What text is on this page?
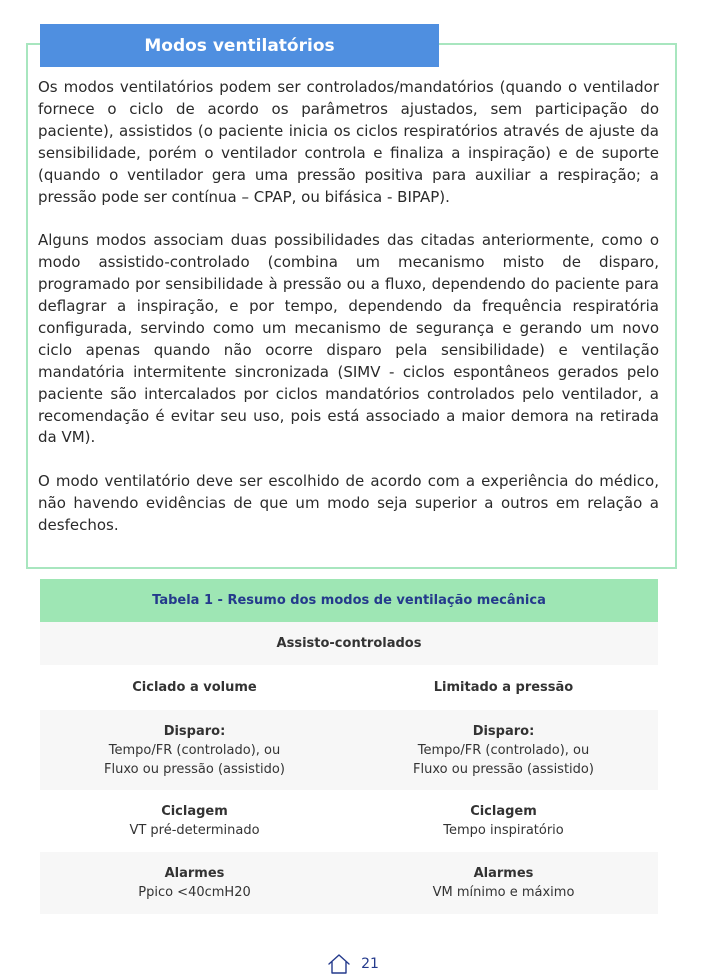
Modos ventilatórios

Os modos ventilatórios podem ser controlados/mandatórios (quando o ventilador fornece o ciclo de acordo os parâmetros ajustados, sem participação do paciente), assistidos (o paciente inicia os ciclos respiratórios através de ajuste da sensibilidade, porém o ventilador controla e finaliza a inspiração) e de suporte (quando o ventilador gera uma pressão positiva para auxiliar a respiração; a pressão pode ser contínua – CPAP, ou bifásica - BIPAP).

Alguns modos associam duas possibilidades das citadas anteriormente, como o modo assistido-controlado (combina um mecanismo misto de disparo, programado por sensibilidade à pressão ou a fluxo, dependendo do paciente para deflagrar a inspiração, e por tempo, dependendo da frequência respiratória configurada, servindo como um mecanismo de segurança e gerando um novo ciclo apenas quando não ocorre disparo pela sensibilidade) e ventilação mandatória intermitente sincronizada (SIMV - ciclos espontâneos gerados pelo paciente são intercalados por ciclos mandatórios controlados pelo ventilador, a recomendação é evitar seu uso, pois está associado a maior demora na retirada da VM).

O modo ventilatório deve ser escolhido de acordo com a experiência do médico, não havendo evidências de que um modo seja superior a outros em relação a desfechos.

Tabela 1 - Resumo dos modos de ventilação mecânica
Assisto-controlados
Ciclado a volume	Limitado a pressão
Disparo:
Tempo/FR (controlado), ou
Fluxo ou pressão (assistido)
Disparo:
Tempo/FR (controlado), ou
Fluxo ou pressão (assistido)
Ciclagem
VT pré-determinado
Ciclagem
Tempo inspiratório
Alarmes
Ppico <40cmH20
Alarmes
VM mínimo e máximo
21
